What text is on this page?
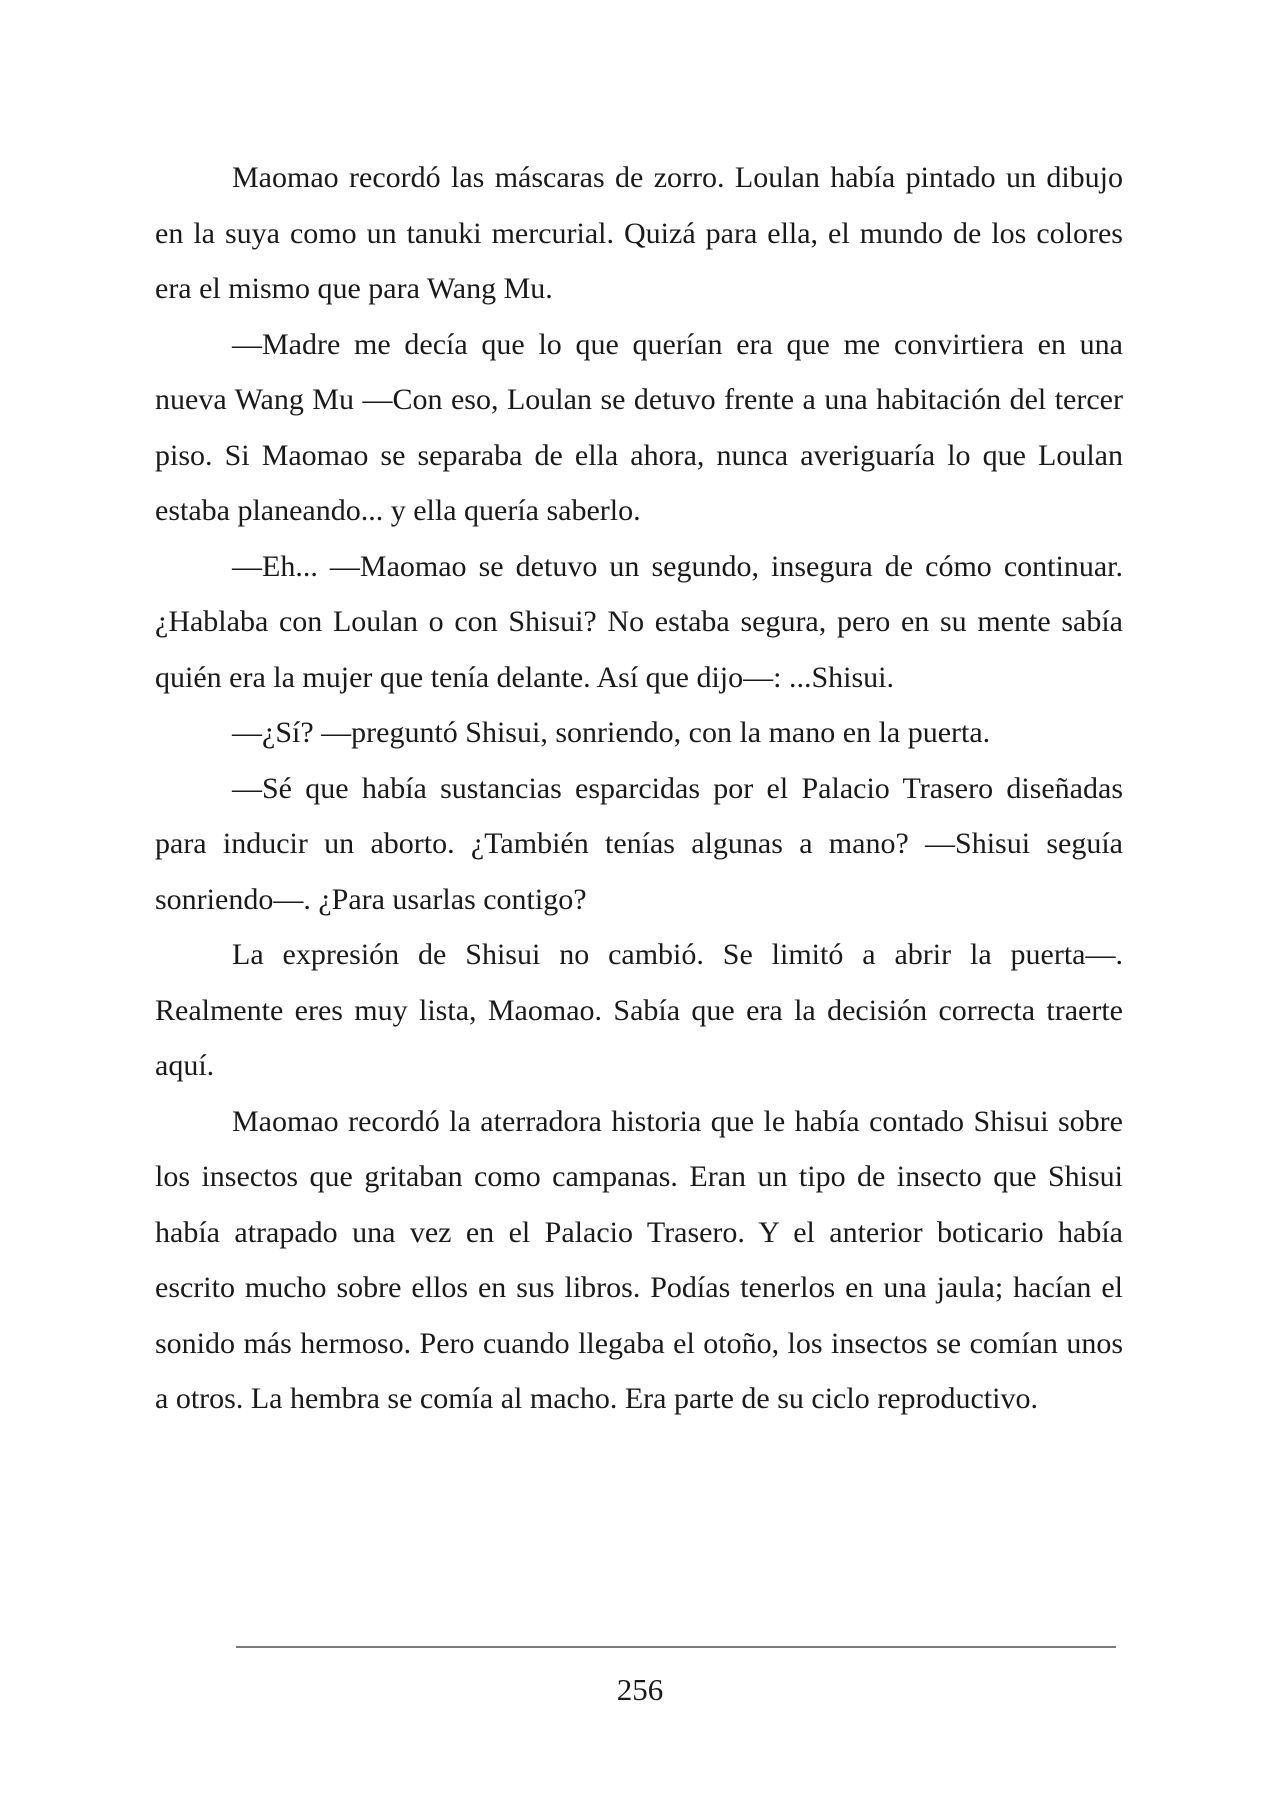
Maomao recordó las máscaras de zorro. Loulan había pintado un dibujo en la suya como un tanuki mercurial. Quizá para ella, el mundo de los colores era el mismo que para Wang Mu.

—Madre me decía que lo que querían era que me convirtiera en una nueva Wang Mu —Con eso, Loulan se detuvo frente a una habitación del tercer piso. Si Maomao se separaba de ella ahora, nunca averiguaría lo que Loulan estaba planeando... y ella quería saberlo.

—Eh... —Maomao se detuvo un segundo, insegura de cómo continuar. ¿Hablaba con Loulan o con Shisui? No estaba segura, pero en su mente sabía quién era la mujer que tenía delante. Así que dijo—: ...Shisui.

—¿Sí? —preguntó Shisui, sonriendo, con la mano en la puerta.

—Sé que había sustancias esparcidas por el Palacio Trasero diseñadas para inducir un aborto. ¿También tenías algunas a mano? —Shisui seguía sonriendo—. ¿Para usarlas contigo?

La expresión de Shisui no cambió. Se limitó a abrir la puerta—. Realmente eres muy lista, Maomao. Sabía que era la decisión correcta traerte aquí.

Maomao recordó la aterradora historia que le había contado Shisui sobre los insectos que gritaban como campanas. Eran un tipo de insecto que Shisui había atrapado una vez en el Palacio Trasero. Y el anterior boticario había escrito mucho sobre ellos en sus libros. Podías tenerlos en una jaula; hacían el sonido más hermoso. Pero cuando llegaba el otoño, los insectos se comían unos a otros. La hembra se comía al macho. Era parte de su ciclo reproductivo.

256
